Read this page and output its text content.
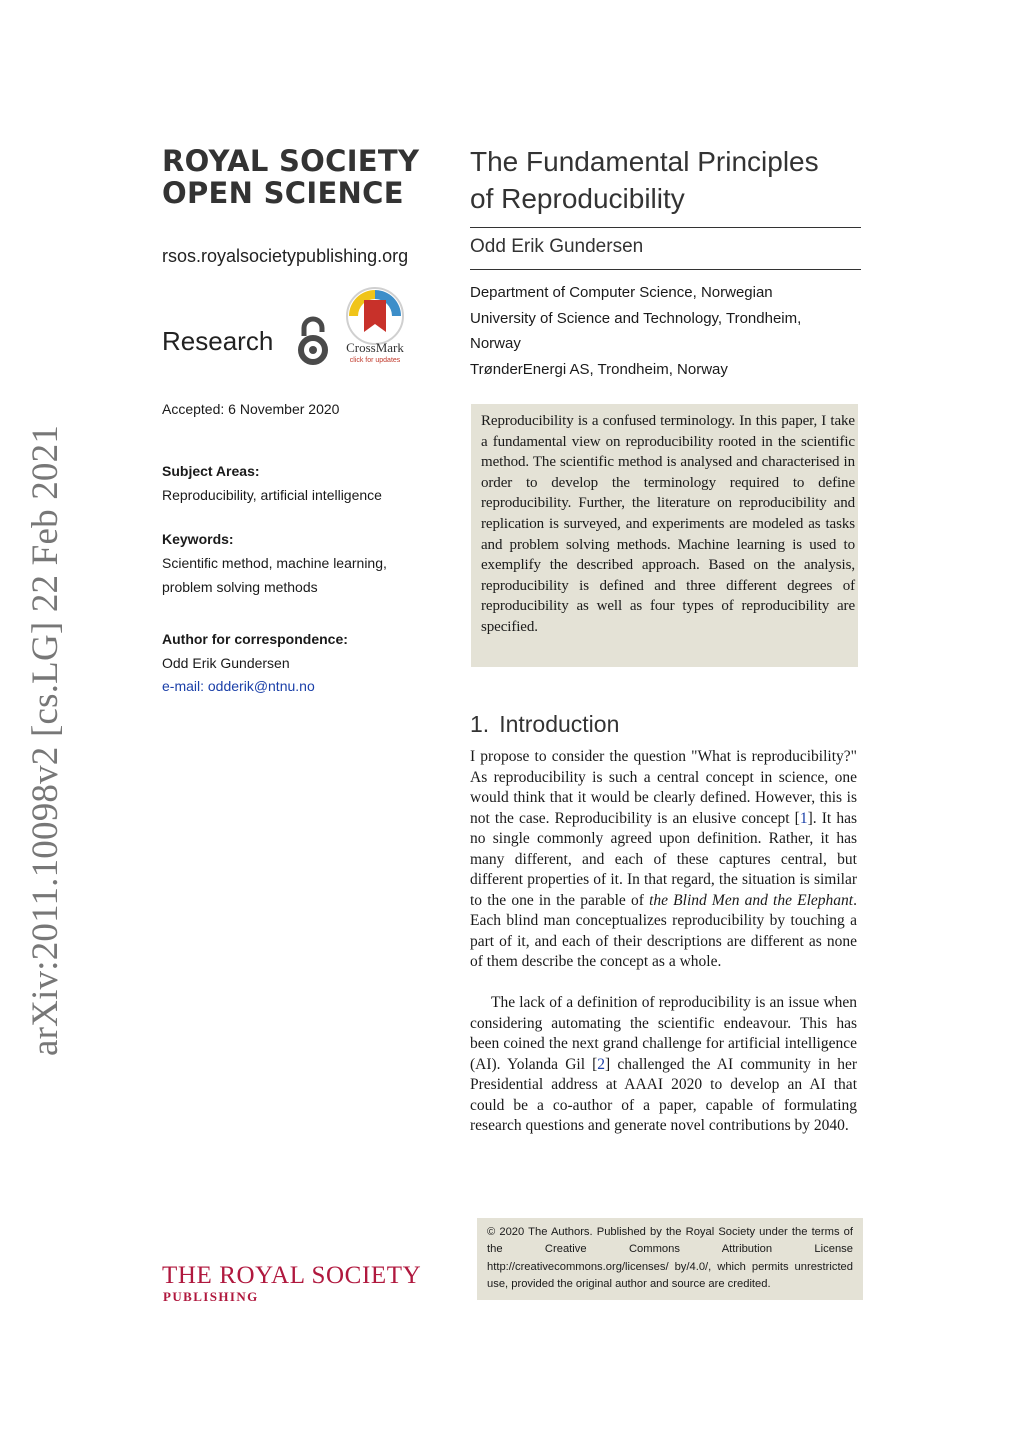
arXiv:2011.10098v2 [cs.LG] 22 Feb 2021
ROYAL SOCIETY
OPEN SCIENCE
rsos.royalsocietypublishing.org
Research	CrossMark
click for updates
Accepted: 6 November 2020
Subject Areas:
Reproducibility, artificial intelligence
Keywords:
Scientific method, machine learning,
problem solving methods
Author for correspondence:
Odd Erik Gundersen
e-mail: odderik@ntnu.no
THE ROYAL SOCIETY
PUBLISHING
The Fundamental Principles
of Reproducibility
Odd Erik Gundersen
Department of Computer Science, Norwegian
University of Science and Technology, Trondheim,
Norway
TrønderEnergi AS, Trondheim, Norway
Reproducibility is a confused terminology. In this paper, I take a fundamental view on reproducibility rooted in the scientific method. The scientific method is analysed and characterised in order to develop the terminology required to define reproducibility. Further, the literature on reproducibility and replication is surveyed, and experiments are modeled as tasks and problem solving methods. Machine learning is used to exemplify the described approach. Based on the analysis, reproducibility is defined and three different degrees of reproducibility as well as four types of reproducibility are specified.
1. Introduction

I propose to consider the question "What is reproducibility?" As reproducibility is such a central concept in science, one would think that it would be clearly defined. However, this is not the case. Reproducibility is an elusive concept [1]. It has no single commonly agreed upon definition. Rather, it has many different, and each of these captures central, but different properties of it. In that regard, the situation is similar to the one in the parable of the Blind Men and the Elephant. Each blind man conceptualizes reproducibility by touching a part of it, and each of their descriptions are different as none of them describe the concept as a whole.

The lack of a definition of reproducibility is an issue when considering automating the scientific endeavour. This has been coined the next grand challenge for artificial intelligence (AI). Yolanda Gil [2] challenged the AI community in her Presidential address at AAAI 2020 to develop an AI that could be a co-author of a paper, capable of formulating research questions and generate novel contributions by 2040.

© 2020 The Authors. Published by the Royal Society under the terms of the Creative Commons Attribution License http://creativecommons.org/licenses/ by/4.0/, which permits unrestricted use, provided the original author and source are credited.
